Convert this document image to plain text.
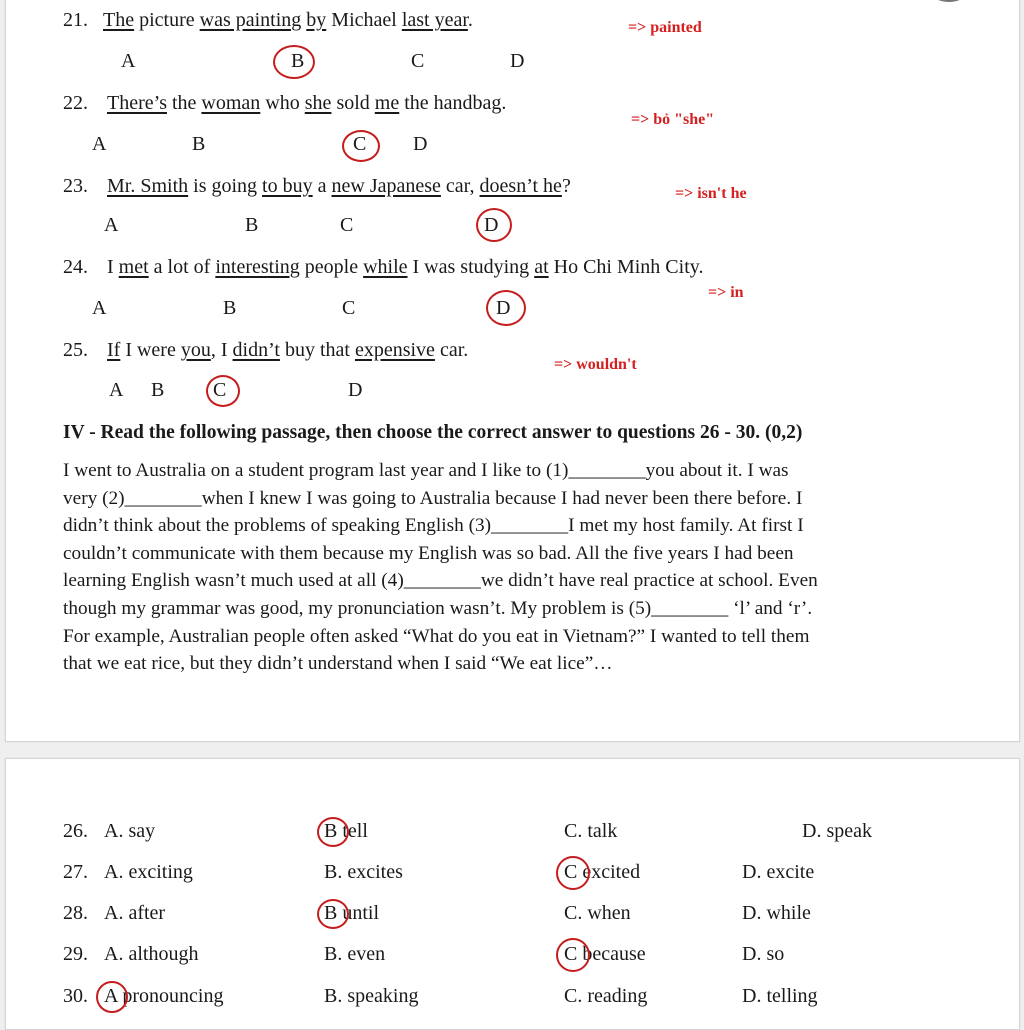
21. The picture was painting by Michael last year.	=> painted
A	B	C	D
22. There’s the woman who she sold me the handbag.
=> bỏ "she"
A	B	C D
23. Mr. Smith is going to buy a new Japanese car, doesn’t he?	=> isn't he
A	B	C	D
24. I met a lot of interesting people while I was studying at Ho Chi Minh City.
=> in
A	B	C	D
25. If I were you, I didn’t buy that expensive car.
=> wouldn't
A B C	D
IV - Read the following passage, then choose the correct answer to questions 26 - 30. (0,2)
I went to Australia on a student program last year and I like to (1)________you about it. I was
very (2)________when I knew I was going to Australia because I had never been there before. I
didn’t think about the problems of speaking English (3)________I met my host family. At first I
couldn’t communicate with them because my English was so bad. All the five years I had been
learning English wasn’t much used at all (4)________we didn’t have real practice at school. Even
though my grammar was good, my pronunciation wasn’t. My problem is (5)________ ‘l’ and ‘r’.
For example, Australian people often asked “What do you eat in Vietnam?” I wanted to tell them
that we eat rice, but they didn’t understand when I said “We eat lice”…
26. A. say	B tell	C. talk	D. speak
27. A. exciting	B. excites	C excited	D. excite
28. A. after	B until	C. when	D. while
29. A. although	B. even	C because	D. so
30. A pronouncing	B. speaking	C. reading	D. telling
